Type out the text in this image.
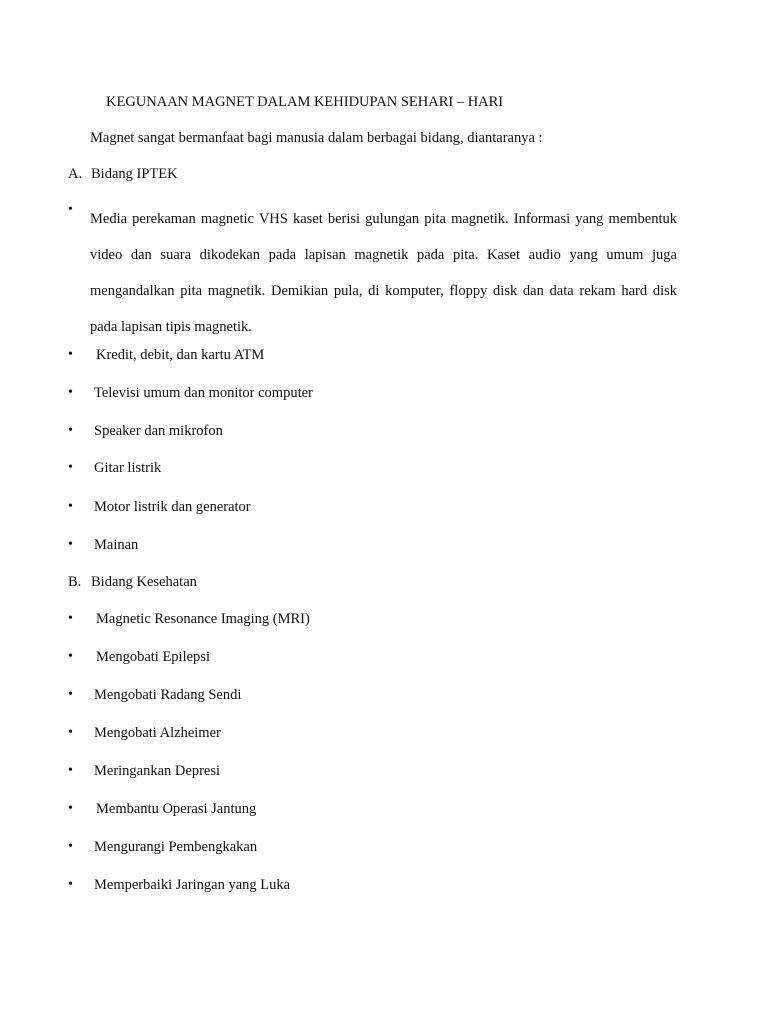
KEGUNAAN MAGNET DALAM KEHIDUPAN SEHARI – HARI
Magnet sangat bermanfaat bagi manusia dalam berbagai bidang, diantaranya :
A. Bidang IPTEK
•
Media perekaman magnetic VHS kaset berisi gulungan pita magnetik. Informasi yang membentuk video dan suara dikodekan pada lapisan magnetik pada pita. Kaset audio yang umum juga mengandalkan pita magnetik. Demikian pula, di komputer, floppy disk dan data rekam hard disk pada lapisan tipis magnetik.
•	Kredit, debit, dan kartu ATM
•	Televisi umum dan monitor computer
•	Speaker dan mikrofon
•	Gitar listrik
•	Motor listrik dan generator
•	Mainan
B. Bidang Kesehatan
•	Magnetic Resonance Imaging (MRI)
•	Mengobati Epilepsi
•	Mengobati Radang Sendi
•	Mengobati Alzheimer
•	Meringankan Depresi
•	Membantu Operasi Jantung
•	Mengurangi Pembengkakan
•	Memperbaiki Jaringan yang Luka
